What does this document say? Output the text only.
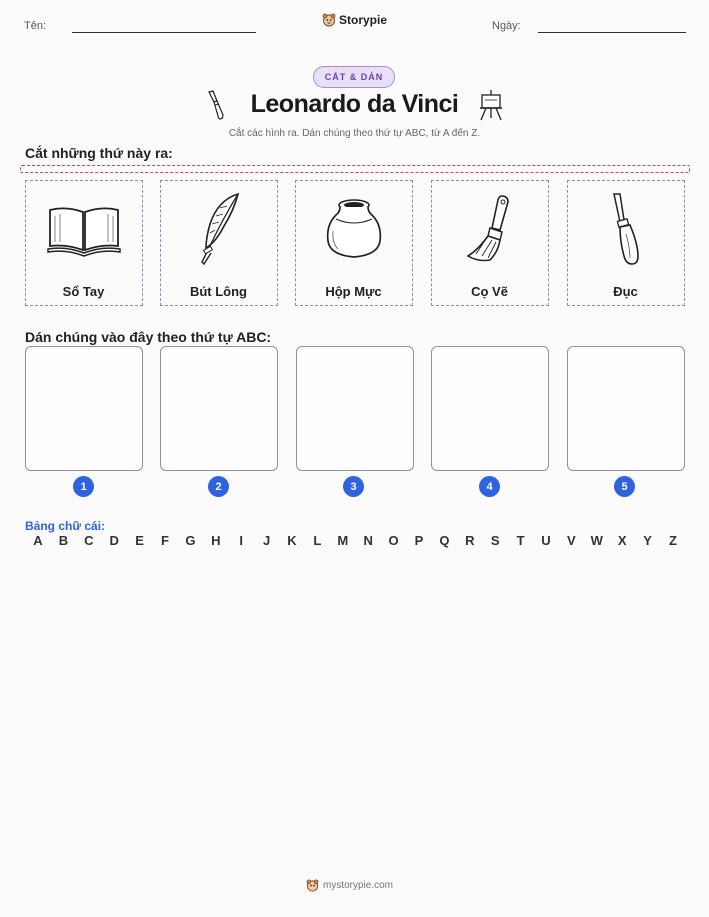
Tên:	Storypie	Ngày:
CẮT & DÁN
Leonardo da Vinci
Cắt các hình ra. Dán chúng theo thứ tự ABC, từ A đến Z.
Cắt những thứ này ra:
Sổ Tay	Bút Lông	Hộp Mực	Cọ Vẽ	Đục
Dán chúng vào đây theo thứ tự ABC:
1	2	3	4	5
Bảng chữ cái:
A	B	C	D	E	F	G	H	I	J	K	L	M	N	O	P	Q	R	S	T	U	V	W	X	Y	Z
mystorypie.com
